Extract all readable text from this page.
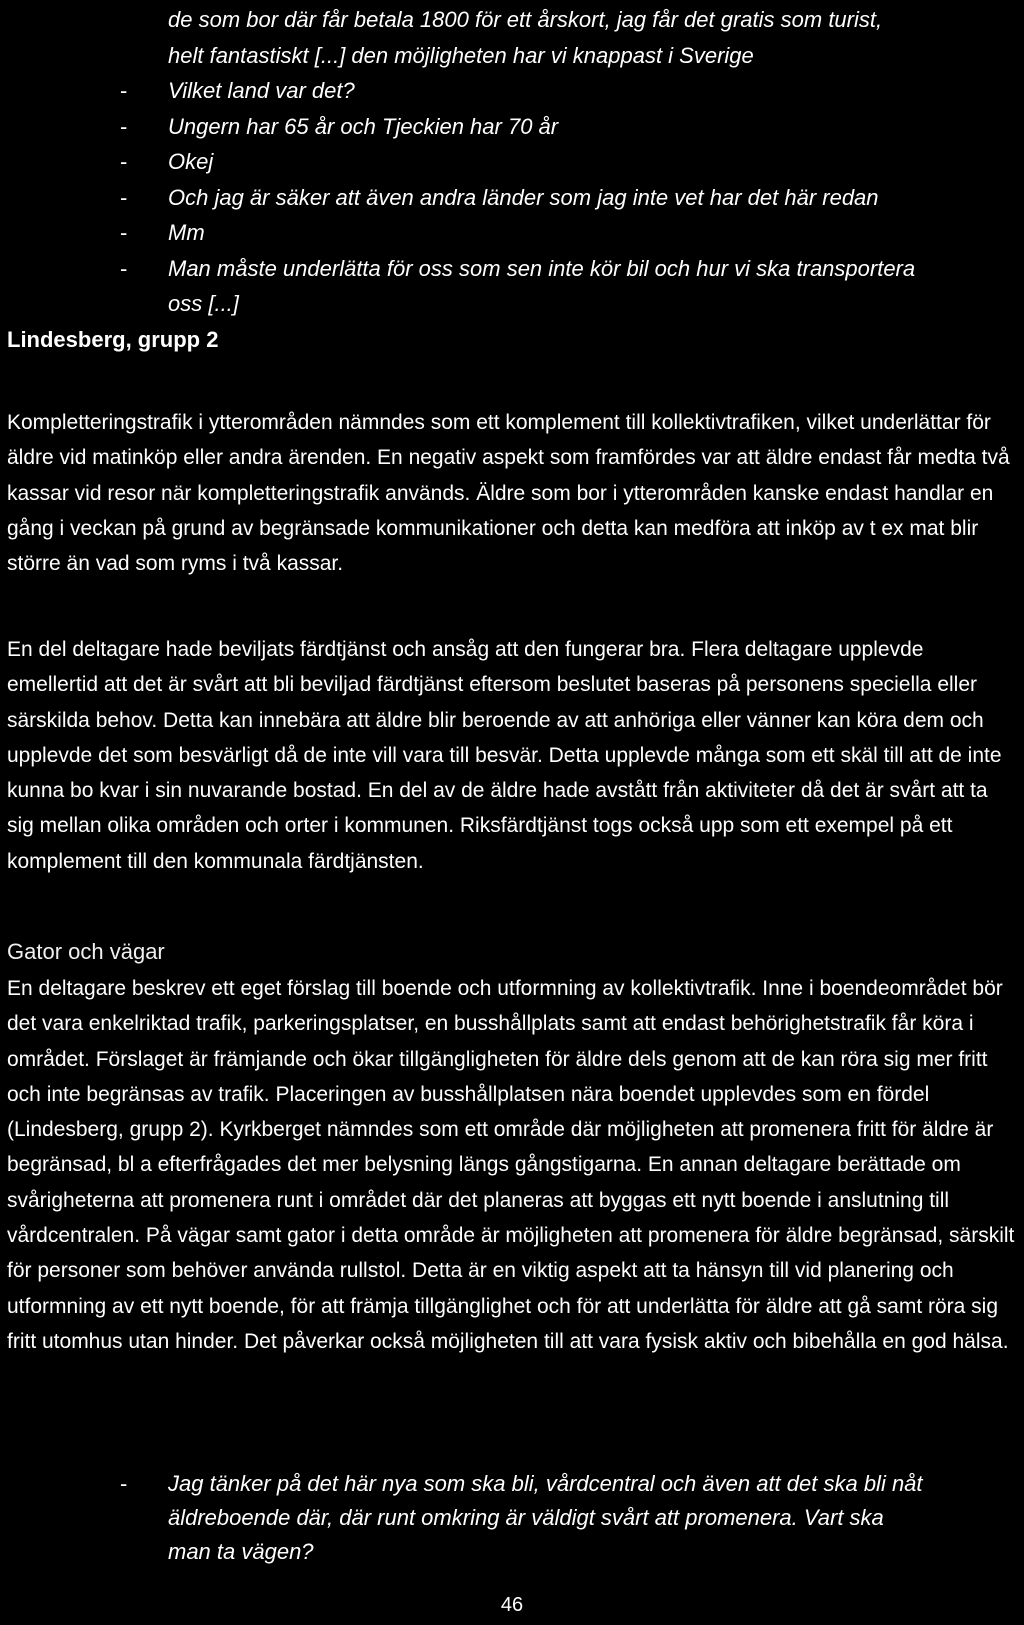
de som bor där får betala 1800 för ett årskort, jag får det gratis som turist,
helt fantastiskt [...] den möjligheten har vi knappast i Sverige
-	Vilket land var det?
-	Ungern har 65 år och Tjeckien har 70 år
-	Okej
-	Och jag är säker att även andra länder som jag inte vet har det här redan
-	Mm
-	Man måste underlätta för oss som sen inte kör bil och hur vi ska transportera
oss [...]
Lindesberg, grupp 2

Kompletteringstrafik i ytterområden nämndes som ett komplement till kollektivtrafiken, vilket underlättar för äldre vid matinköp eller andra ärenden. En negativ aspekt som framfördes var att äldre endast får medta två kassar vid resor när kompletteringstrafik används. Äldre som bor i ytterområden kanske endast handlar en gång i veckan på grund av begränsade kommunikationer och detta kan medföra att inköp av t ex mat blir större än vad som ryms i två kassar.

En del deltagare hade beviljats färdtjänst och ansåg att den fungerar bra. Flera deltagare upplevde emellertid att det är svårt att bli beviljad färdtjänst eftersom beslutet baseras på personens speciella eller särskilda behov. Detta kan innebära att äldre blir beroende av att anhöriga eller vänner kan köra dem och upplevde det som besvärligt då de inte vill vara till besvär. Detta upplevde många som ett skäl till att de inte kunna bo kvar i sin nuvarande bostad. En del av de äldre hade avstått från aktiviteter då det är svårt att ta sig mellan olika områden och orter i kommunen. Riksfärdtjänst togs också upp som ett exempel på ett komplement till den kommunala färdtjänsten.

Gator och vägar

En deltagare beskrev ett eget förslag till boende och utformning av kollektivtrafik. Inne i boendeområdet bör det vara enkelriktad trafik, parkeringsplatser, en busshållplats samt att endast behörighetstrafik får köra i området. Förslaget är främjande och ökar tillgängligheten för äldre dels genom att de kan röra sig mer fritt och inte begränsas av trafik. Placeringen av busshållplatsen nära boendet upplevdes som en fördel (Lindesberg, grupp 2). Kyrkberget nämndes som ett område där möjligheten att promenera fritt för äldre är begränsad, bl a efterfrågades det mer belysning längs gångstigarna. En annan deltagare berättade om svårigheterna att promenera runt i området där det planeras att byggas ett nytt boende i anslutning till vårdcentralen. På vägar samt gator i detta område är möjligheten att promenera för äldre begränsad, särskilt för personer som behöver använda rullstol. Detta är en viktig aspekt att ta hänsyn till vid planering och utformning av ett nytt boende, för att främja tillgänglighet och för att underlätta för äldre att gå samt röra sig fritt utomhus utan hinder. Det påverkar också möjligheten till att vara fysisk aktiv och bibehålla en god hälsa.

-	Jag tänker på det här nya som ska bli, vårdcentral och även att det ska bli nåt
äldreboende där, där runt omkring är väldigt svårt att promenera. Vart ska
man ta vägen?
46
